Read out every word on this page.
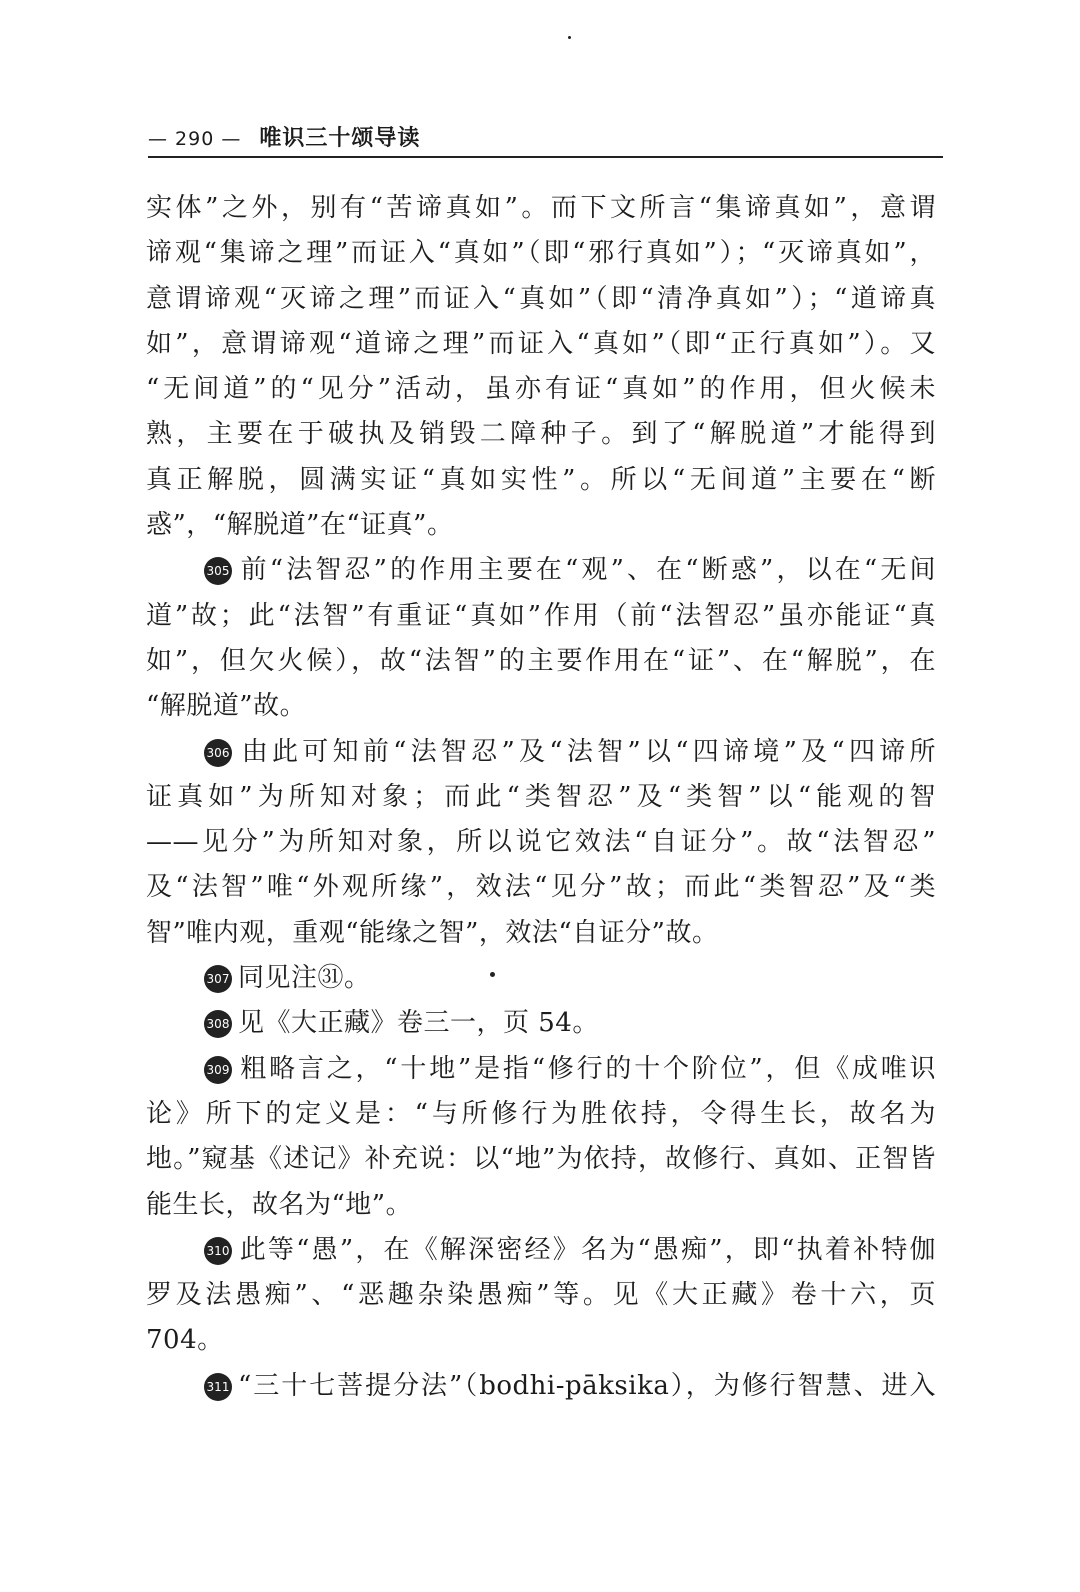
— 290 — 唯识三十颂导读
实体”之外，别有“苦谛真如”。而下文所言“集谛真如”，意谓
谛观“集谛之理”而证入“真如”（即“邪行真如”）；“灭谛真如”，
意谓谛观“灭谛之理”而证入“真如”（即“清净真如”）；“道谛真
如”，意谓谛观“道谛之理”而证入“真如”（即“正行真如”）。又
“无间道”的“见分”活动，虽亦有证“真如”的作用，但火候未
熟，主要在于破执及销毁二障种子。到了“解脱道”才能得到
真正解脱，圆满实证“真如实性”。所以“无间道”主要在“断
惑”，“解脱道”在“证真”。
305 前“法智忍”的作用主要在“观”、在“断惑”，以在“无间
道”故；此“法智”有重证“真如”作用（前“法智忍”虽亦能证“真
如”，但欠火候），故“法智”的主要作用在“证”、在“解脱”，在
“解脱道”故。
306 由此可知前“法智忍”及“法智”以“四谛境”及“四谛所
证真如”为所知对象；而此“类智忍”及“类智”以“能观的智
——见分”为所知对象，所以说它效法“自证分”。故“法智忍”
及“法智”唯“外观所缘”，效法“见分”故；而此“类智忍”及“类
智”唯内观，重观“能缘之智”，效法“自证分”故。
307 同见注㉛。
308 见《大正藏》卷三一，页 54。
309 粗略言之，“十地”是指“修行的十个阶位”，但《成唯识
论》所下的定义是：“与所修行为胜依持，令得生长，故名为
地。”窥基《述记》补充说：以“地”为依持，故修行、真如、正智皆
能生长，故名为“地”。
310 此等“愚”，在《解深密经》名为“愚痴”，即“执着补特伽
罗及法愚痴”、“恶趣杂染愚痴”等。见《大正藏》卷十六，页
704。
311 “三十七菩提分法”（bodhi-pāksika），为修行智慧、进入
